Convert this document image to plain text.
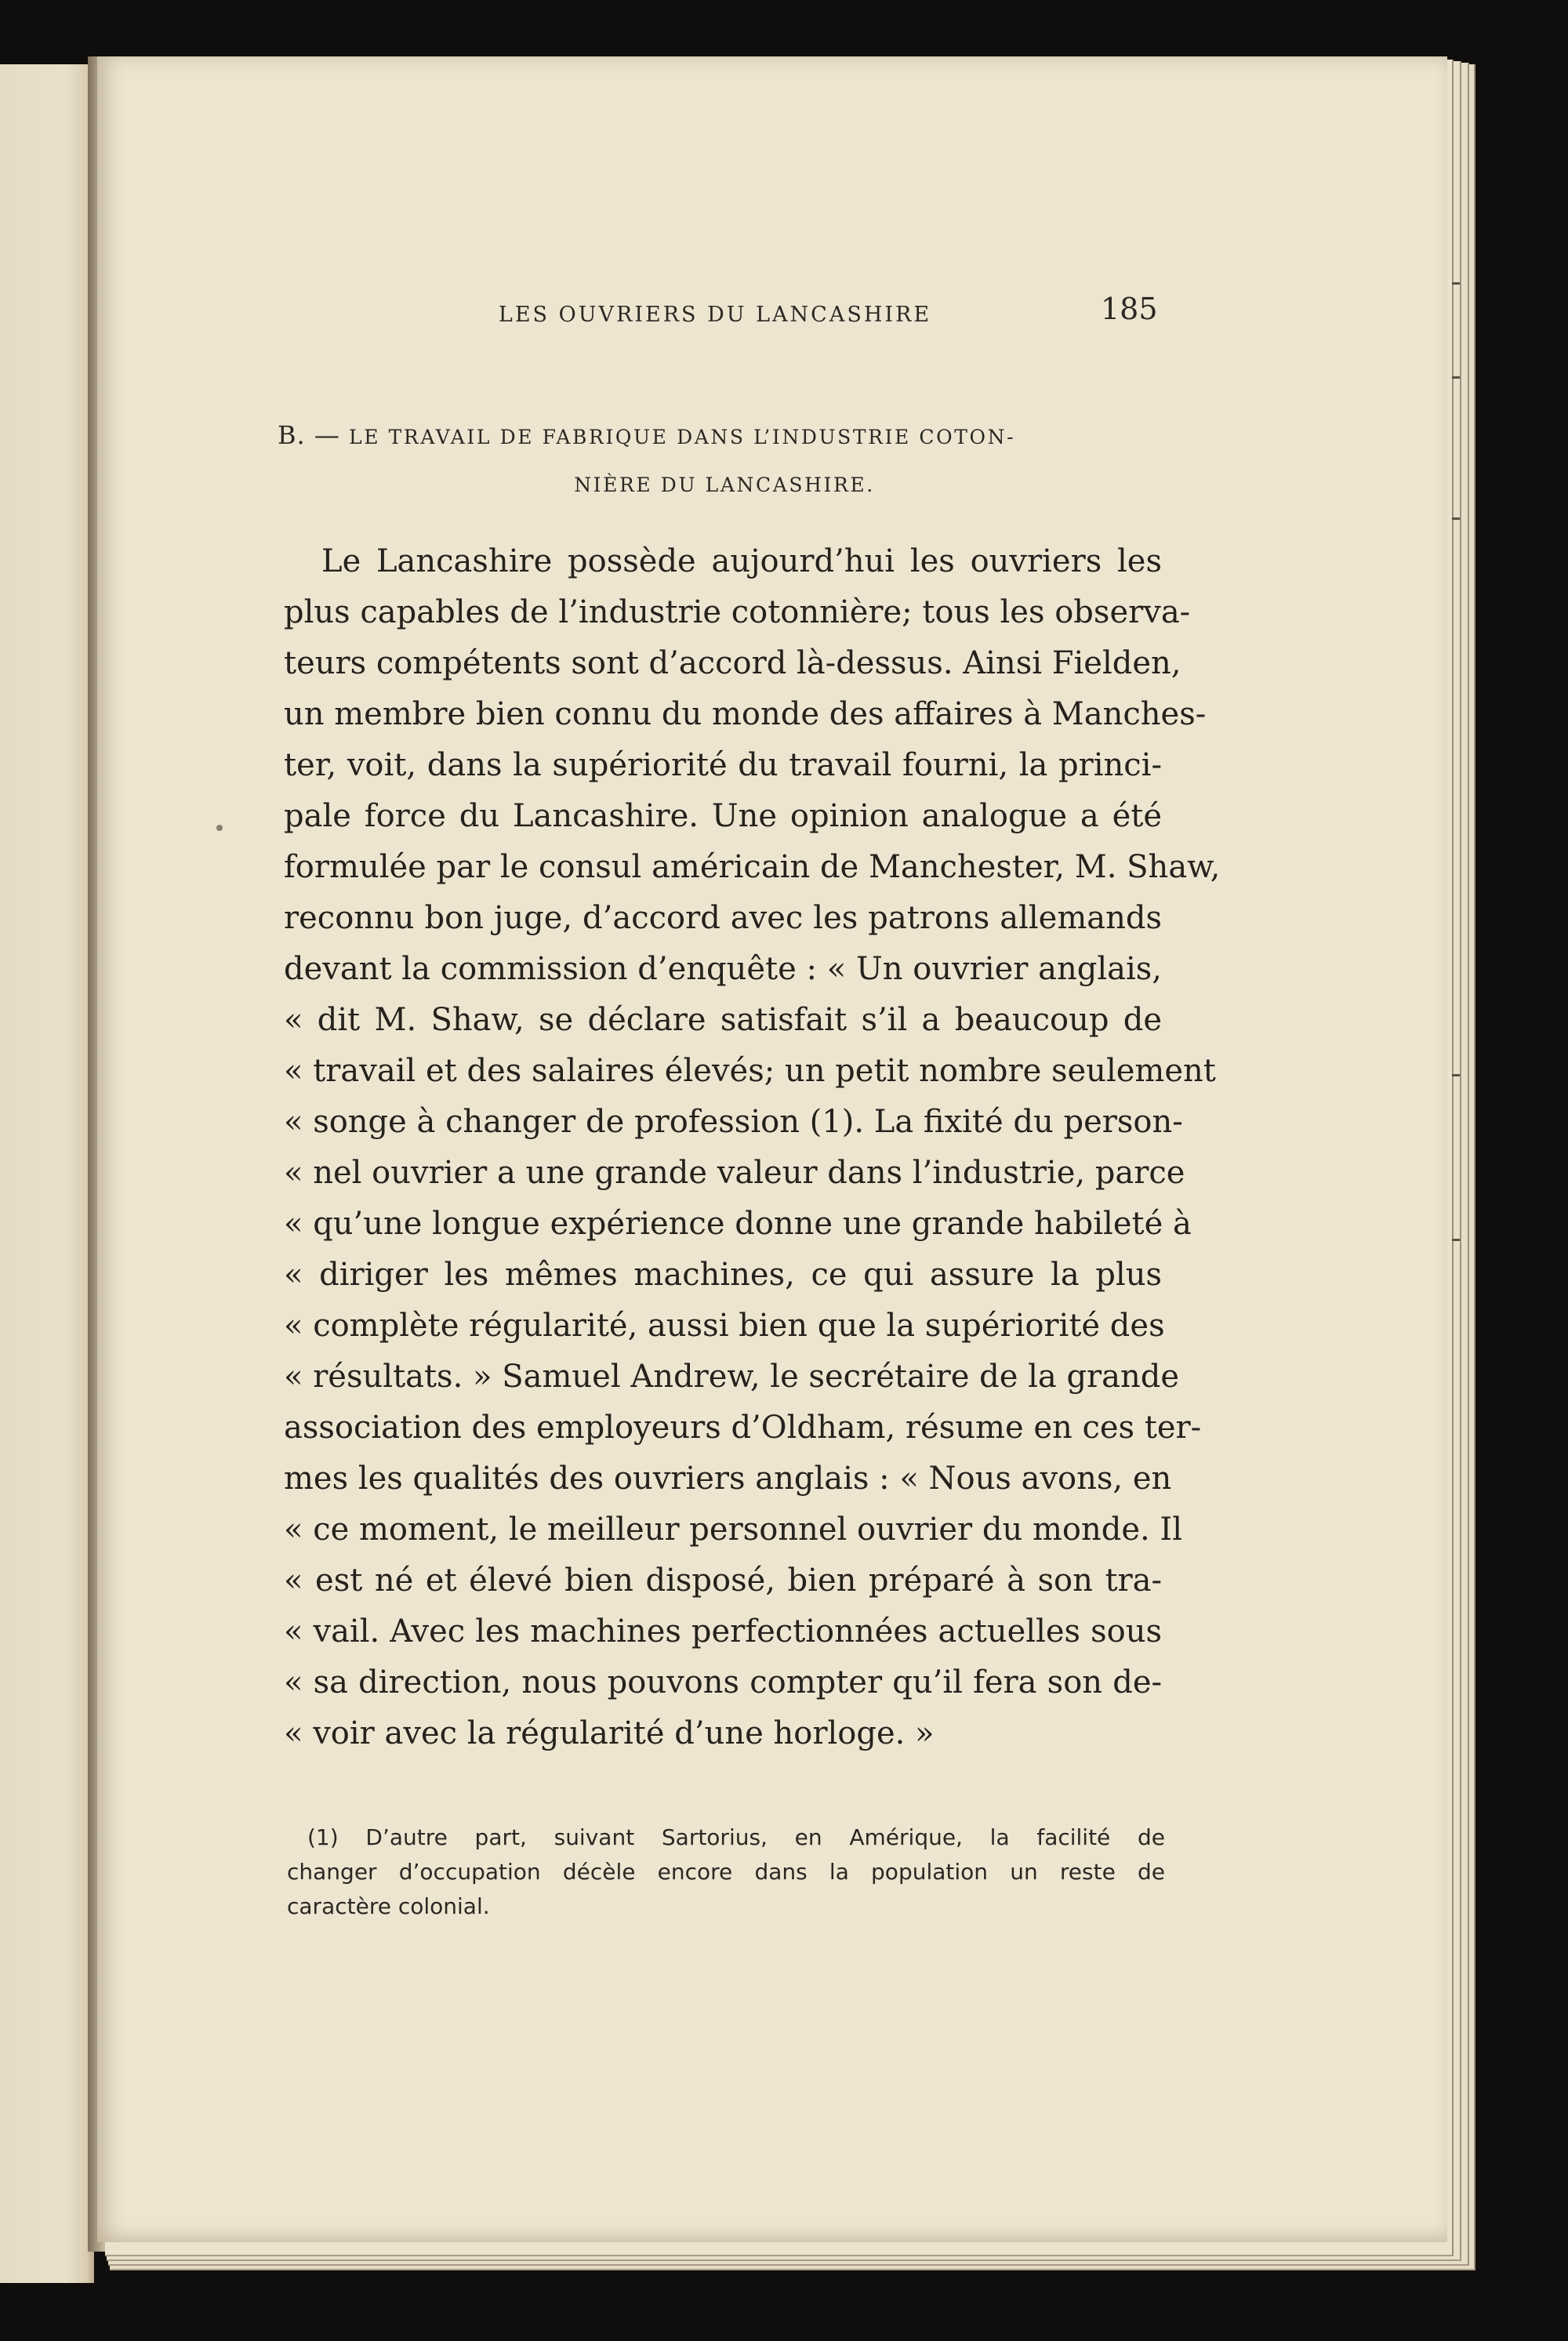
LES OUVRIERS DU LANCASHIRE	185
B. — LE TRAVAIL DE FABRIQUE DANS L’INDUSTRIE COTON-
NIÈRE DU LANCASHIRE.
Le Lancashire possède aujourd’hui les ouvriers les
plus capables de l’industrie cotonnière; tous les observa-
teurs compétents sont d’accord là-dessus. Ainsi Fielden,
un membre bien connu du monde des affaires à Manches-
ter, voit, dans la supériorité du travail fourni, la princi-
pale force du Lancashire. Une opinion analogue a été
formulée par le consul américain de Manchester, M. Shaw,
reconnu bon juge, d’accord avec les patrons allemands
devant la commission d’enquête : « Un ouvrier anglais,
« dit M. Shaw, se déclare satisfait s’il a beaucoup de
« travail et des salaires élevés; un petit nombre seulement
« songe à changer de profession (1). La fixité du person-
« nel ouvrier a une grande valeur dans l’industrie, parce
« qu’une longue expérience donne une grande habileté à
« diriger les mêmes machines, ce qui assure la plus
« complète régularité, aussi bien que la supériorité des
« résultats. » Samuel Andrew, le secrétaire de la grande
association des employeurs d’Oldham, résume en ces ter-
mes les qualités des ouvriers anglais : « Nous avons, en
« ce moment, le meilleur personnel ouvrier du monde. Il
« est né et élevé bien disposé, bien préparé à son tra-
« vail. Avec les machines perfectionnées actuelles sous
« sa direction, nous pouvons compter qu’il fera son de-
« voir avec la régularité d’une horloge. »
(1) D’autre part, suivant Sartorius, en Amérique, la facilité de
changer d’occupation décèle encore dans la population un reste de
caractère colonial.
